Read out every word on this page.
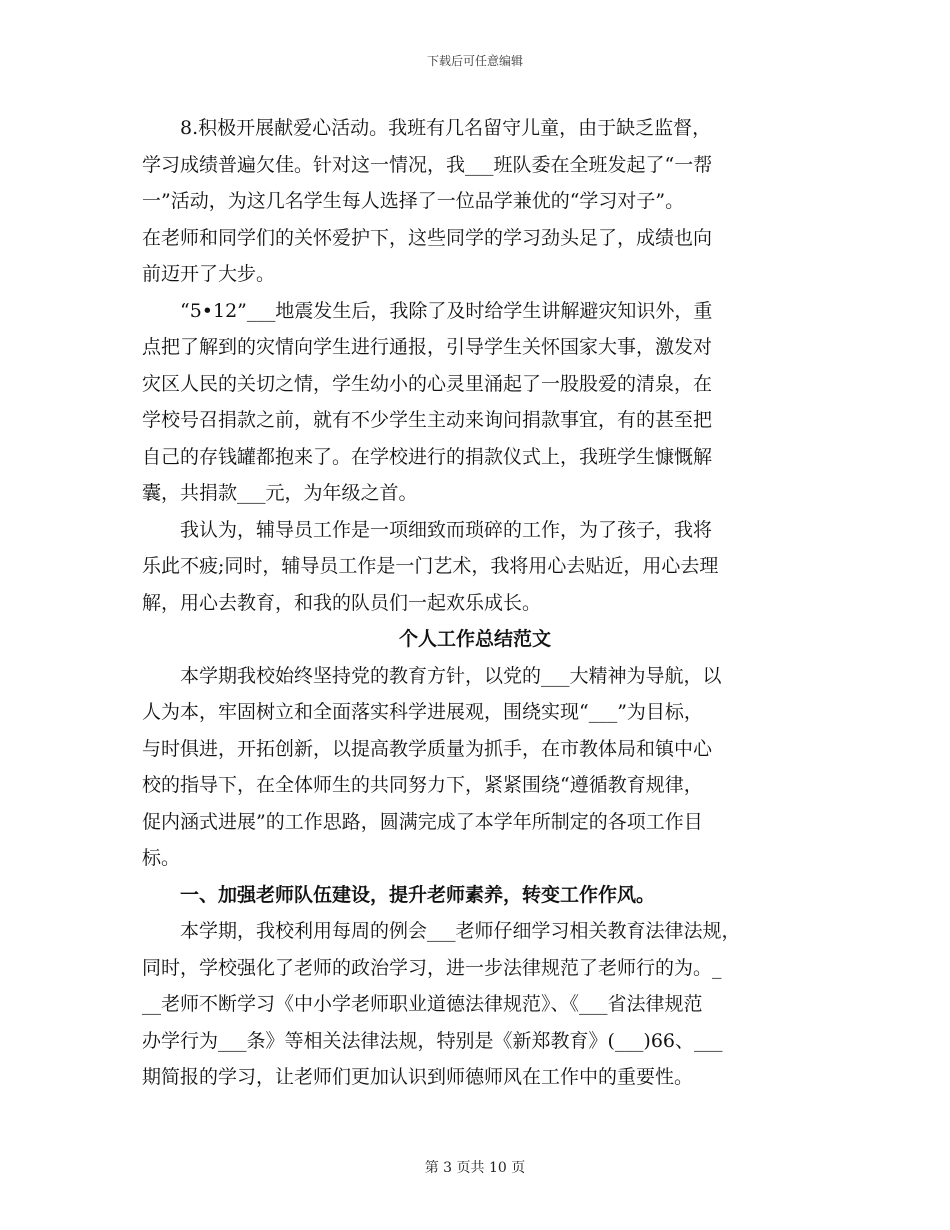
下载后可任意编辑
　　8.积极开展献爱心活动。我班有几名留守儿童，由于缺乏监督，
学习成绩普遍欠佳。针对这一情况，我___班队委在全班发起了“一帮
一”活动，为这几名学生每人选择了一位品学兼优的“学习对子”。
在老师和同学们的关怀爱护下，这些同学的学习劲头足了，成绩也向
前迈开了大步。
　　“5•12”___地震发生后，我除了及时给学生讲解避灾知识外，重
点把了解到的灾情向学生进行通报，引导学生关怀国家大事，激发对
灾区人民的关切之情，学生幼小的心灵里涌起了一股股爱的清泉，在
学校号召捐款之前，就有不少学生主动来询问捐款事宜，有的甚至把
自己的存钱罐都抱来了。在学校进行的捐款仪式上，我班学生慷慨解
囊，共捐款___元，为年级之首。
　　我认为，辅导员工作是一项细致而琐碎的工作，为了孩子，我将
乐此不疲;同时，辅导员工作是一门艺术，我将用心去贴近，用心去理
解，用心去教育，和我的队员们一起欢乐成长。
个人工作总结范文
　　本学期我校始终坚持党的教育方针，以党的___大精神为导航，以
人为本，牢固树立和全面落实科学进展观，围绕实现“___”为目标，
与时俱进，开拓创新，以提高教学质量为抓手，在市教体局和镇中心
校的指导下，在全体师生的共同努力下，紧紧围绕“遵循教育规律，
促内涵式进展”的工作思路，圆满完成了本学年所制定的各项工作目
标。
　　一、加强老师队伍建设，提升老师素养，转变工作作风。
　　本学期，我校利用每周的例会___老师仔细学习相关教育法律法规，
同时，学校强化了老师的政治学习，进一步法律规范了老师行的为。_
__老师不断学习《中小学老师职业道德法律规范》、《___省法律规范
办学行为___条》等相关法律法规，特别是《新郑教育》(___)66、___
期简报的学习，让老师们更加认识到师德师风在工作中的重要性。
第 3 页共 10 页
